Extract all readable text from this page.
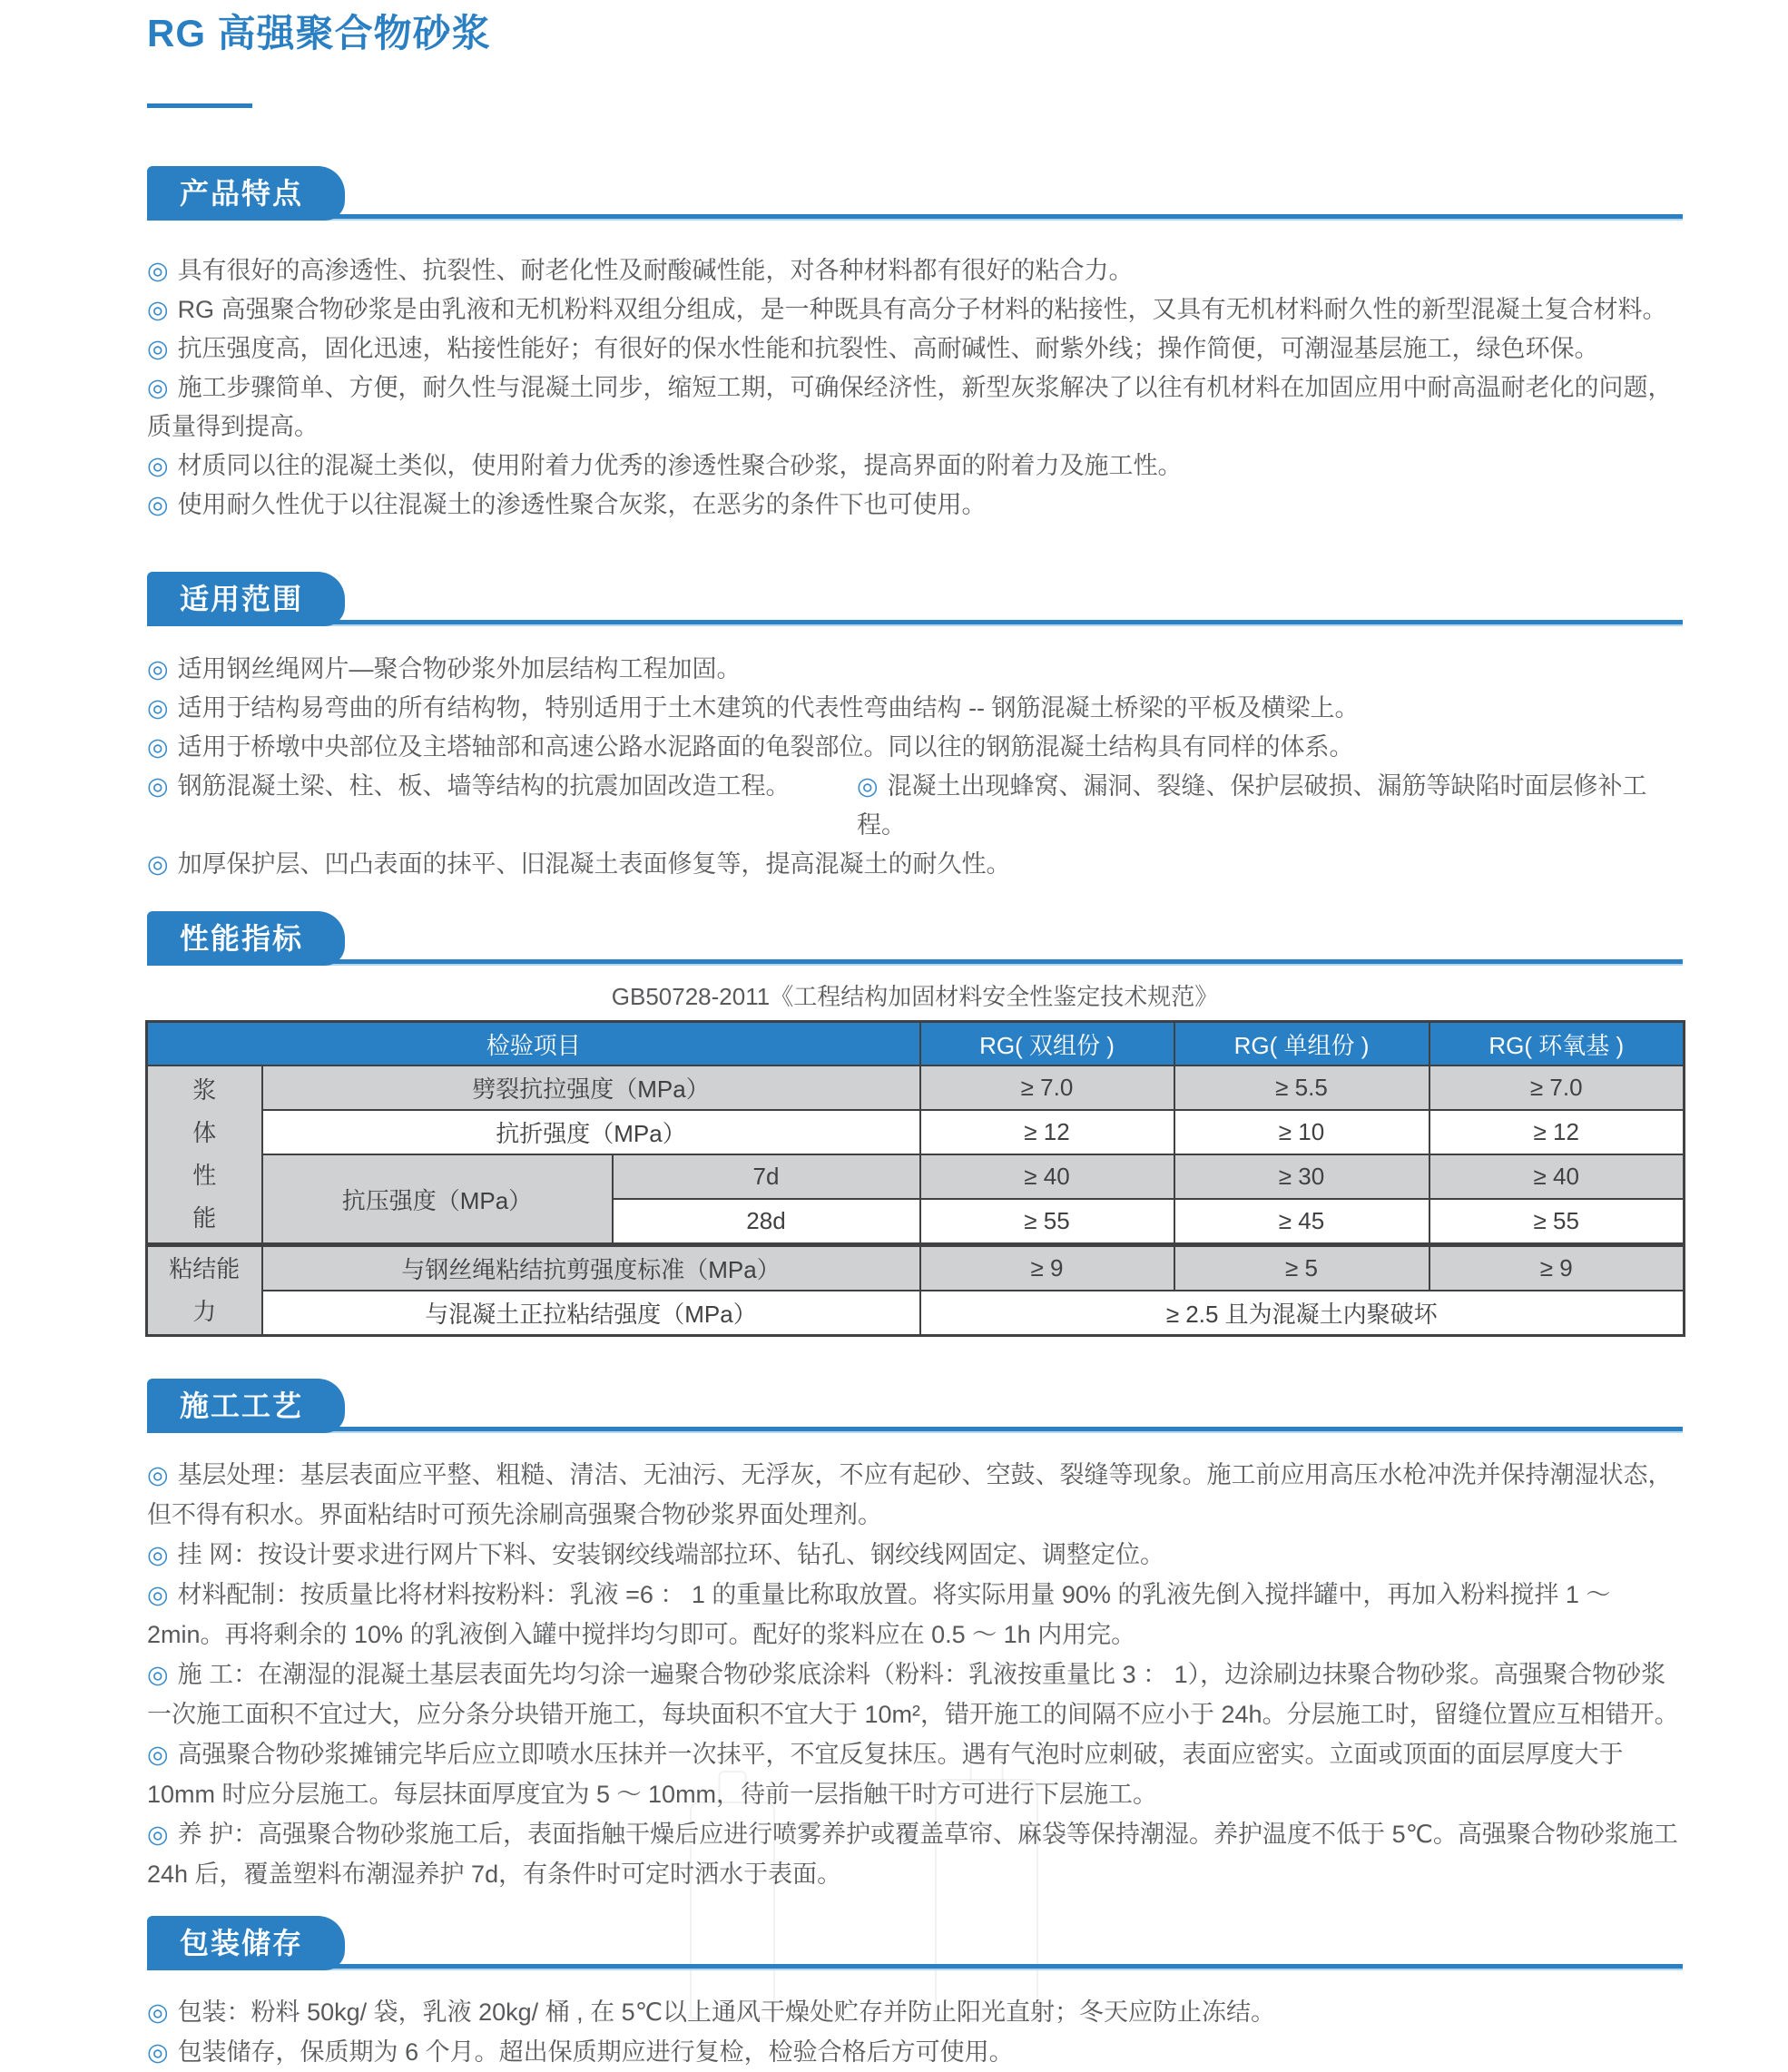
RG 高强聚合物砂浆
产品特点
◎ 具有很好的高渗透性、抗裂性、耐老化性及耐酸碱性能，对各种材料都有很好的粘合力。
◎ RG 高强聚合物砂浆是由乳液和无机粉料双组分组成，是一种既具有高分子材料的粘接性，又具有无机材料耐久性的新型混凝土复合材料。
◎ 抗压强度高，固化迅速，粘接性能好；有很好的保水性能和抗裂性、高耐碱性、耐紫外线；操作简便，可潮湿基层施工，绿色环保。
◎ 施工步骤简单、方便，耐久性与混凝土同步，缩短工期，可确保经济性，新型灰浆解决了以往有机材料在加固应用中耐高温耐老化的问题，质量得到提高。
◎ 材质同以往的混凝土类似，使用附着力优秀的渗透性聚合砂浆，提高界面的附着力及施工性。
◎ 使用耐久性优于以往混凝土的渗透性聚合灰浆，在恶劣的条件下也可使用。
适用范围
◎ 适用钢丝绳网片—聚合物砂浆外加层结构工程加固。
◎ 适用于结构易弯曲的所有结构物，特别适用于土木建筑的代表性弯曲结构 -- 钢筋混凝土桥梁的平板及横梁上。
◎ 适用于桥墩中央部位及主塔轴部和高速公路水泥路面的龟裂部位。同以往的钢筋混凝土结构具有同样的体系。
◎ 钢筋混凝土梁、柱、板、墙等结构的抗震加固改造工程。	◎ 混凝土出现蜂窝、漏洞、裂缝、保护层破损、漏筋等缺陷时面层修补工程。
◎ 加厚保护层、凹凸表面的抹平、旧混凝土表面修复等，提高混凝土的耐久性。
性能指标
GB50728-2011《工程结构加固材料安全性鉴定技术规范》
检验项目			RG( 双组份 )	RG( 单组份 )	RG( 环氧基 )
浆体性能	劈裂抗拉强度（MPa）		≥ 7.0	≥ 5.5	≥ 7.0
	抗折强度（MPa）		≥ 12	≥ 10	≥ 12
	抗压强度（MPa）	7d	≥ 40	≥ 30	≥ 40
		28d	≥ 55	≥ 45	≥ 55
粘结能力	与钢丝绳粘结抗剪强度标准（MPa）		≥ 9	≥ 5	≥ 9
	与混凝土正拉粘结强度（MPa）		≥ 2.5 且为混凝土内聚破坏		
施工工艺
◎ 基层处理：基层表面应平整、粗糙、清洁、无油污、无浮灰，不应有起砂、空鼓、裂缝等现象。施工前应用高压水枪冲洗并保持潮湿状态，但不得有积水。界面粘结时可预先涂刷高强聚合物砂浆界面处理剂。
◎ 挂 网：按设计要求进行网片下料、安装钢绞线端部拉环、钻孔、钢绞线网固定、调整定位。
◎ 材料配制：按质量比将材料按粉料：乳液 =6 ： 1 的重量比称取放置。将实际用量 90% 的乳液先倒入搅拌罐中，再加入粉料搅拌 1 ～ 2min。再将剩余的 10% 的乳液倒入罐中搅拌均匀即可。配好的浆料应在 0.5 ～ 1h 内用完。
◎ 施 工：在潮湿的混凝土基层表面先均匀涂一遍聚合物砂浆底涂料（粉料：乳液按重量比 3 ： 1），边涂刷边抹聚合物砂浆。高强聚合物砂浆一次施工面积不宜过大，应分条分块错开施工，每块面积不宜大于 10m²，错开施工的间隔不应小于 24h。分层施工时，留缝位置应互相错开。
◎ 高强聚合物砂浆摊铺完毕后应立即喷水压抹并一次抹平，不宜反复抹压。遇有气泡时应刺破，表面应密实。立面或顶面的面层厚度大于 10mm 时应分层施工。每层抹面厚度宜为 5 ～ 10mm，待前一层指触干时方可进行下层施工。
◎ 养 护：高强聚合物砂浆施工后，表面指触干燥后应进行喷雾养护或覆盖草帘、麻袋等保持潮湿。养护温度不低于 5℃。高强聚合物砂浆施工 24h 后，覆盖塑料布潮湿养护 7d，有条件时可定时洒水于表面。
包装储存
◎ 包装：粉料 50kg/ 袋，乳液 20kg/ 桶 , 在 5℃以上通风干燥处贮存并防止阳光直射；冬天应防止冻结。
◎ 包装储存，保质期为 6 个月。超出保质期应进行复检，检验合格后方可使用。
